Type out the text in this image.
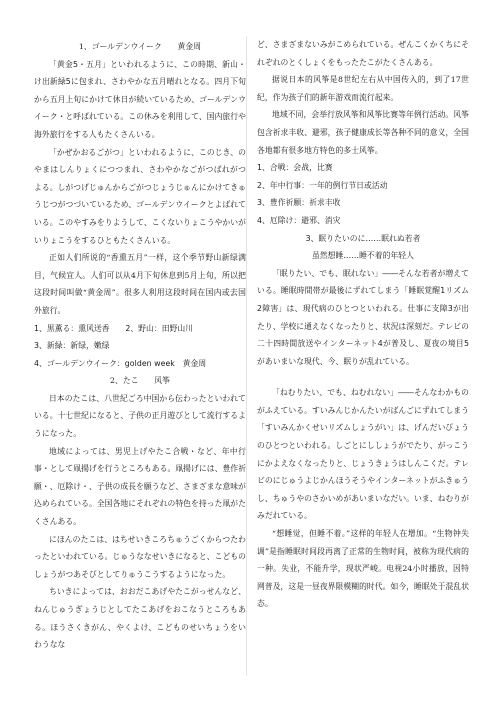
1、ゴールデンウイーク　　黄金周

「黄金5・五月」といわれるように、この時期、新山・け出新緑5に包まれ、さわやかな五月晴れとなる。四月下旬から五月上旬にかけて休日が続いているため、ゴールデンウイーク・と呼ばれている。この休みを利用して、国内旅行や海外旅行をする人もたくさんいる。

「かぜかおるごがつ」といわれるように、このじき、のやまはしんりょくにつつまれ、さわやかなごがつばれがつよる。しがつげじゅんからごがつじょうじゅんにかけてきゅうじつがつづいているため、ゴールデンウイークとよばれている。このやすみをりようして、こくないりょこうやかいがいりょこうをするひともたくさんいる。

正如人们所说的“香熏五月”一样，这个季节野山新绿满目，气候宜人。人们可以从4月下旬休息到5月上旬，所以把这段时间叫做“黄金周”。很多人利用这段时间在国内或去国外旅行。

1、黒薫る：熏风送香　　2、野山：田野山川

3、新緑：新绿，嫩绿

4、ゴールデンウイーク：golden week　黄金周

2、たこ　　风筝

日本のたこは、八世紀ごろ中国から伝わったといわれている。十七世紀になると、子供の正月遊びとして流行するようになった。

地域によっては、男児上げやたこ合戦・など、年中行事・として凧揚げを行うところもある。凧揚げには、豊作祈願・、厄除け・、子供の成長を願うなど、さまざまな意味が込められている。全国各地にそれぞれの特色を持った凧がたくさんある。

にほんのたこは、はちせいきころちゅうごくからつたわったといわれている。じゅうななせいきになると、こどものしょうがつあそびとしてりゅうこうするようになった。

ちいきによっては、おおだこあげやたこがっせんなど、ねんじゅうぎょうじとしてたこあげをおこなうところもある。ほうさくきがん、やくよけ、こどものせいちょうをいわうなな

ど、さまざまないみがこめられている。ぜんこくかくちにそれぞれのとくしょくをもったたこがたくさんある。

据说日本的风筝是8世纪左右从中国传入的，到了17世纪，作为孩子们的新年游戏而流行起来。

地域不同，会举行放风筝和风筝比赛等年例行活动。风筝包含祈求丰收、避邪，孩子健康成长等各种不同的意义，全国各地都有很多地方特色的多士风筝。

1、合戦：会战，比赛

2、年中行事：一年的例行节日或活动

3、豊作祈願：祈求丰收

4、厄除け：避邪、消灾

3、眠りたいのに……眠れぬ若者

虽然想睡……睡不着的年轻人

「眠りたい、でも、眠れない」――そんな若者が増えている。睡眠時間帯が最後にずれてしまう「睡眠覚醒1リズム2障害」は、現代病のひとつといわれる。仕事に支障3が出たり、学校に通えなくなったりと、状況は深刻だ。テレビの二十四時間放送やインターネット4が普及し、夏夜の境目5があいまいな現代、今、眠りが乱れている。

「ねむりたい、でも、ねむれない」――そんなわかものがふえている。すいみんじかんたいがばんごにずれてしまう「すいみんかくせいリズムしょうがい」は、げんだいびょうのひとつといわれる。しごとにししょうがでたり、がっこうにかよえなくなったりと、じょうきょうはしんこくだ。テレビのにじゅうよじかんほうそうやインターネットがふきゅうし、ちゅうやのさかいめがあいまいなだい。いま、ねむりがみだれている。

“想睡觉，但睡不着。”这样的年轻人在增加。“生物钟失调”是指睡眠时间段再离了正常的生物时间，被称为现代病的一种。失业，不能升学，现状严峻。电视24小时播放，因特网普及，这是一昼夜界限模糊的时代。如今，睡眠处于混乱状态。
